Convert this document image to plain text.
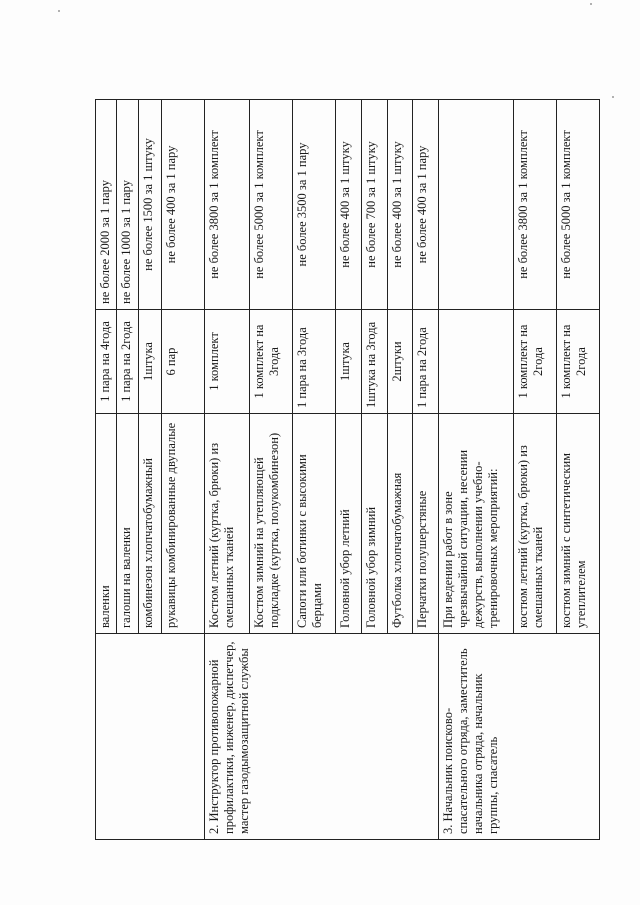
	валенки	1 пара на 4года	не более 2000 за 1 пару
	галоши на валенки	1 пара на 2года	не более 1000 за 1 пару
	комбинезон хлопчатобумажный	1штука	не более 1500 за 1 штуку
	рукавицы комбинированные двупалые	6 пар	не более 400 за 1 пару
2. Инструктор противопожарной профилактики, инженер, диспетчер, мастер газодымозащитной службы	Костюм летний (куртка, брюки) из смешанных тканей	1 комплект	не более 3800 за 1 комплект
	Костюм зимний на утепляющей подкладке (куртка, полукомбинезон)	1 комплект на 3года	не более 5000 за 1 комплект
	Сапоги или ботинки с высокими берцами	1 пара на 3года	не более 3500 за 1 пару
	Головной убор летний	1штука	не более 400 за 1 штуку
	Головной убор зимний	1штука на 3года	не более 700 за 1 штуку
	Футболка хлопчатобумажная	2штуки	не более 400 за 1 штуку
	Перчатки полушерстяные	1 пара на 2года	не более 400 за 1 пару
3. Начальник поисково-спасательного отряда, заместитель начальника отряда, начальник группы, спасатель	При ведении работ в зоне чрезвычайной ситуации, несении дежурств, выполнении учебно-тренировочных мероприятий:		
	костюм летний (куртка, брюки) из смешанных тканей	1 комплект на 2года	не более 3800 за 1 комплект
	костюм зимний с синтетическим утеплителем	1 комплект на 2года	не более 5000 за 1 комплект
